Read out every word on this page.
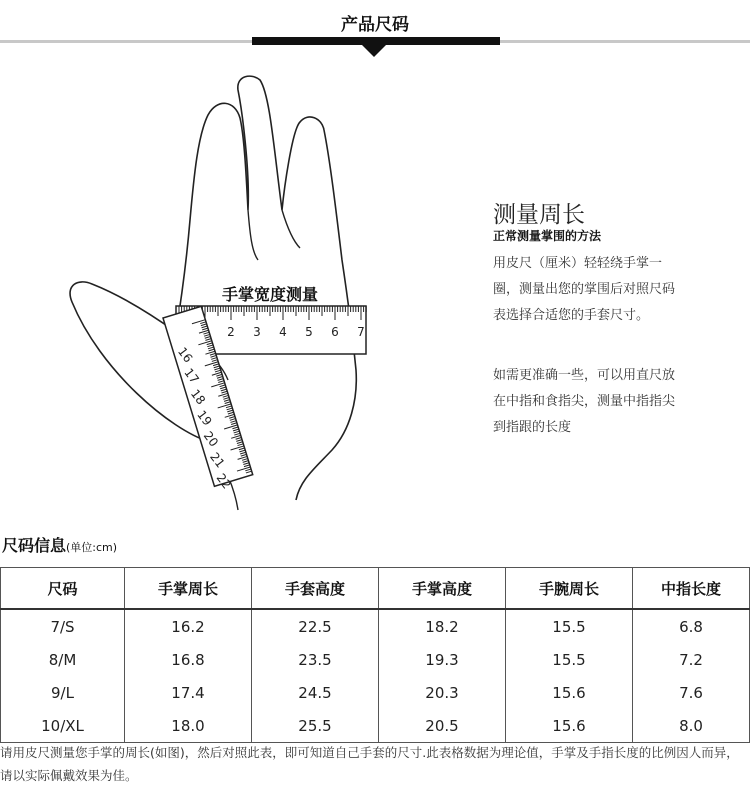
产品尺码
2 3 4 5 6 7
手掌宽度测量
16
17
18
19
20
21
22
测量周长
正常测量掌围的方法
用皮尺（厘米）轻轻绕手掌一圈，测量出您的掌围后对照尺码表选择合适您的手套尺寸。
如需更准确一些，可以用直尺放在中指和食指尖，测量中指指尖到指跟的长度
尺码信息(单位:cm)
尺码	手掌周长	手套高度	手掌高度	手腕周长	中指长度
7/S	16.2	22.5	18.2	15.5	6.8
8/M	16.8	23.5	19.3	15.5	7.2
9/L	17.4	24.5	20.3	15.6	7.6
10/XL	18.0	25.5	20.5	15.6	8.0
请用皮尺测量您手掌的周长(如图)，然后对照此表，即可知道自己手套的尺寸.此表格数据为理论值，手掌及手指长度的比例因人而异，请以实际佩戴效果为佳。
